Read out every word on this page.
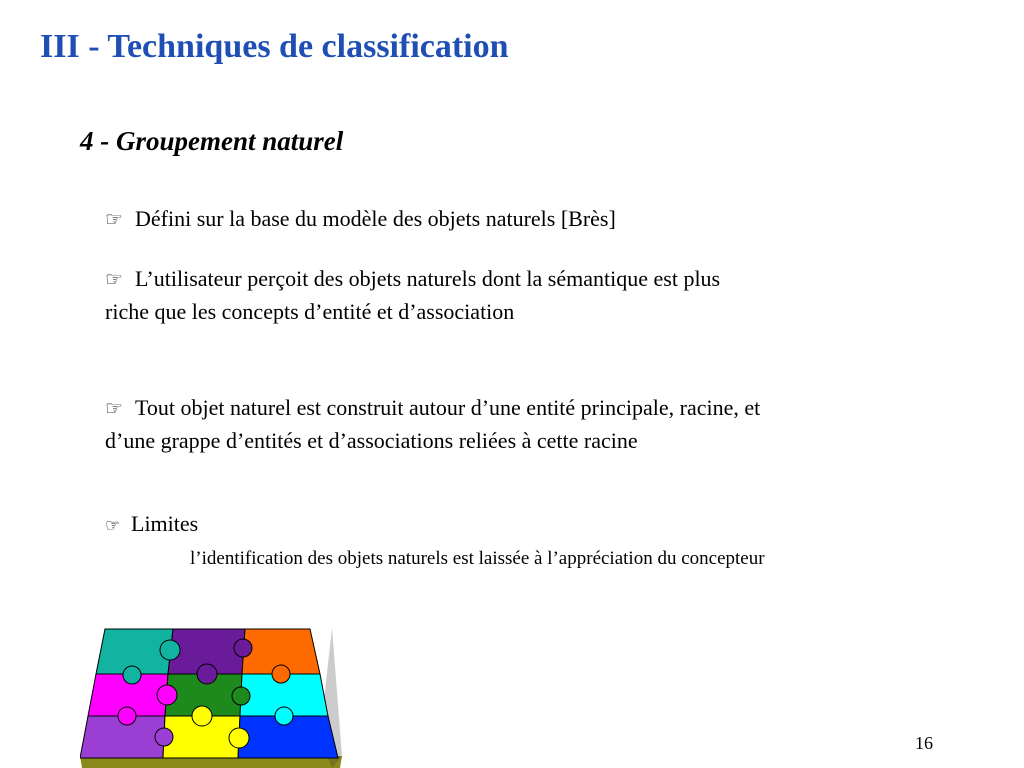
III - Techniques de classification
4 - Groupement naturel
☞ Défini sur la base du modèle des objets naturels [Brès]
☞ L’utilisateur perçoit des objets naturels dont la sémantique est plus
riche que les concepts d’entité et d’association
☞ Tout objet naturel est construit autour d’une entité principale, racine, et
d’une grappe d’entités et d’associations reliées à cette racine
☞ Limites
l’identification des objets naturels est laissée à l’appréciation du concepteur
16
